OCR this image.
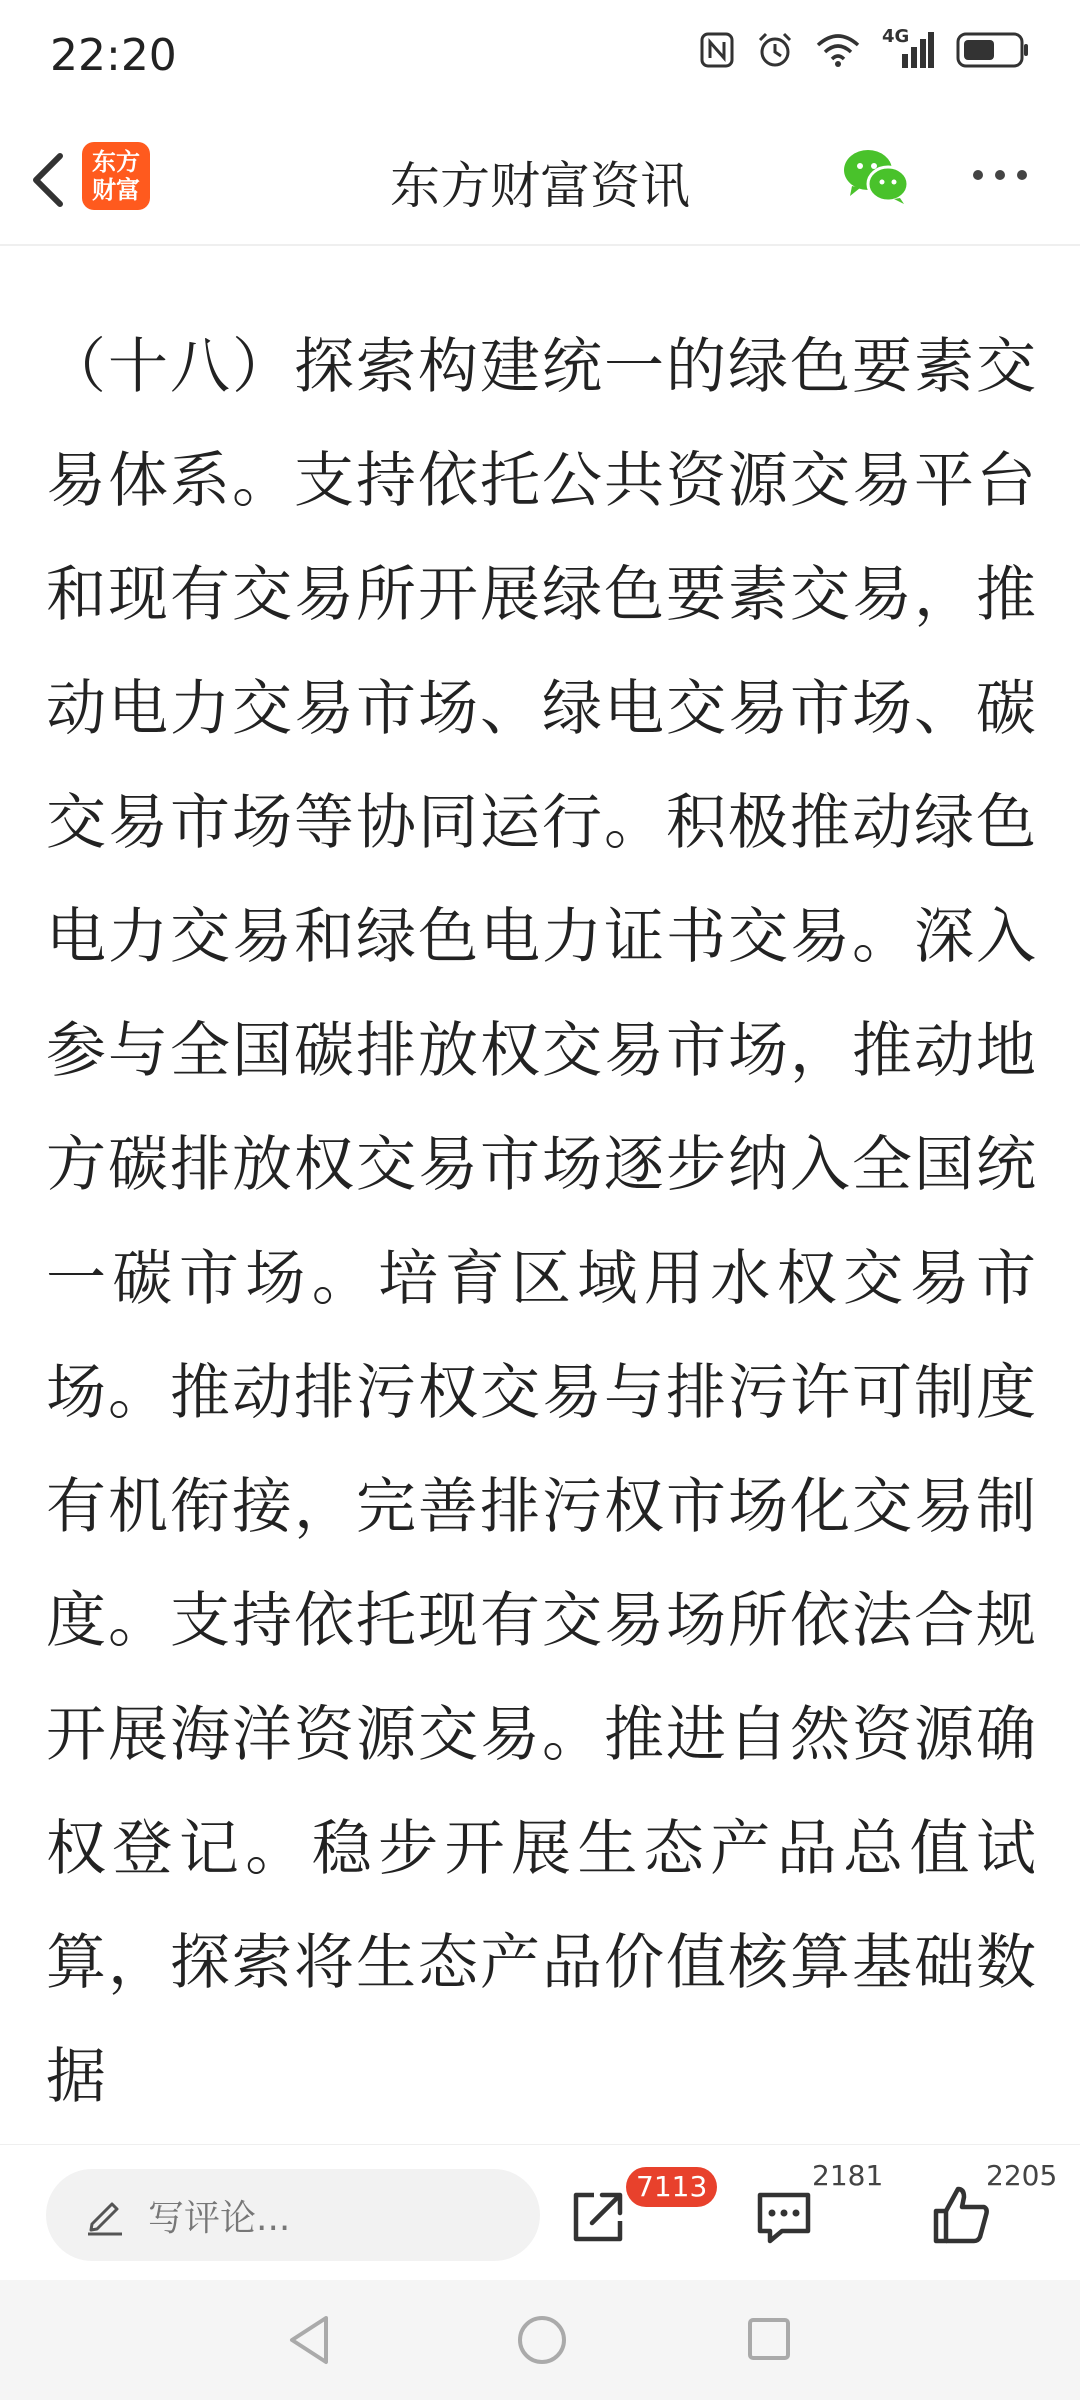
22:20	4G
东方
财富	东方财富资讯

（十八）探索构建统一的绿色要素交易体系。支持依托公共资源交易平台和现有交易所开展绿色要素交易，推动电力交易市场、绿电交易市场、碳交易市场等协同运行。积极推动绿色电力交易和绿色电力证书交易。深入参与全国碳排放权交易市场，推动地方碳排放权交易市场逐步纳入全国统一碳市场。培育区域用水权交易市场。推动排污权交易与排污许可制度有机衔接，完善排污权市场化交易制度。支持依托现有交易场所依法合规开展海洋资源交易。推进自然资源确权登记。稳步开展生态产品总值试算，探索将生态产品价值核算基础数据

写评论...
7113	2181	2205
